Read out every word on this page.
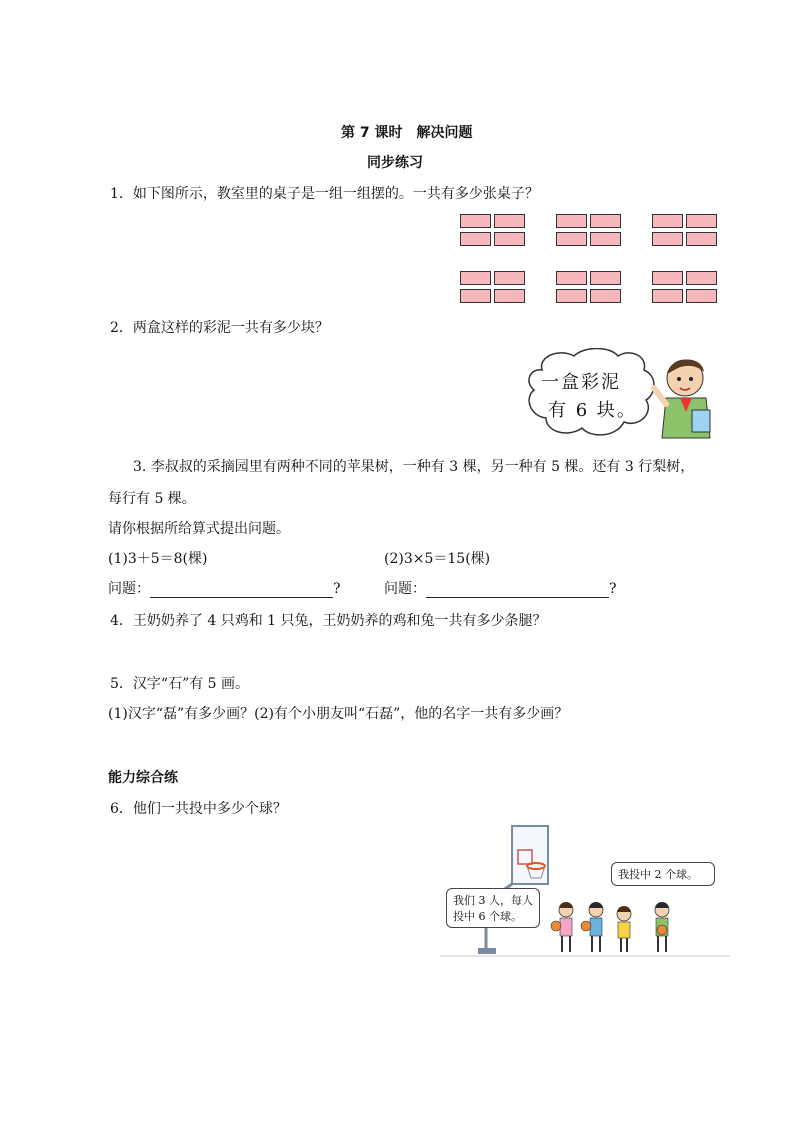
第 7 课时　解决问题
同步练习
1．如下图所示，教室里的桌子是一组一组摆的。一共有多少张桌子？
2．两盒这样的彩泥一共有多少块？
一盒彩泥
有 6 块。
3. 李叔叔的采摘园里有两种不同的苹果树，一种有 3 棵，另一种有 5 棵。还有 3 行梨树，
每行有 5 棵。
请你根据所给算式提出问题。
(1)3＋5＝8(棵)	(2)3×5＝15(棵)
问题：	?	问题：	?
4．王奶奶养了 4 只鸡和 1 只兔，王奶奶养的鸡和兔一共有多少条腿？
5．汉字“石”有 5 画。
(1)汉字“磊”有多少画？(2)有个小朋友叫“石磊”，他的名字一共有多少画？
能力综合练
6．他们一共投中多少个球？
我们 3 人，每人
投中 6 个球。
我投中 2 个球。
